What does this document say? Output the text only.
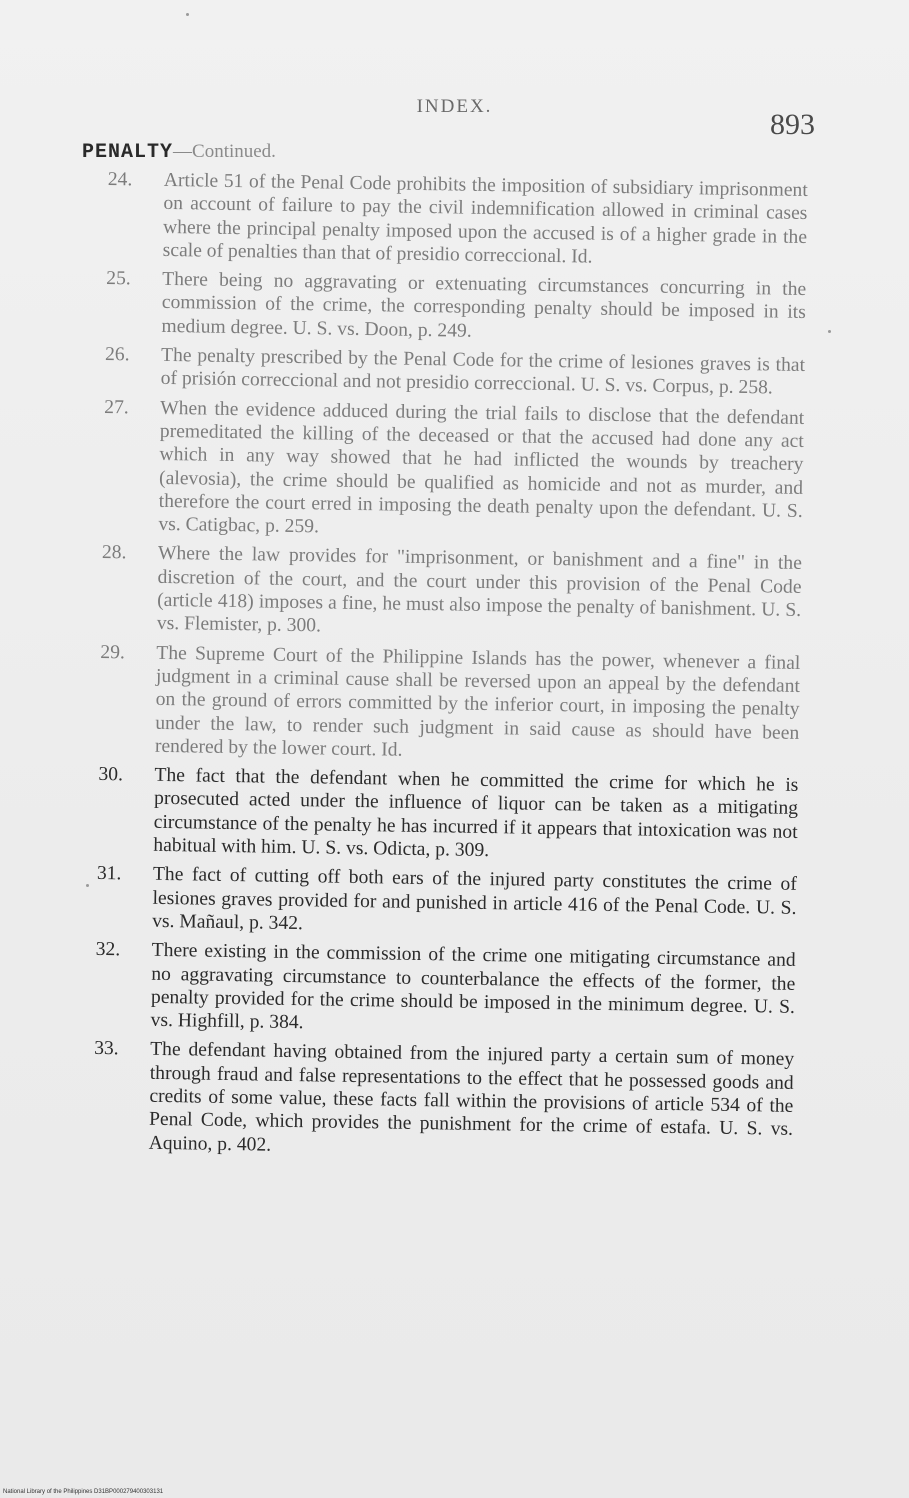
INDEX.
893
PENALTY—Continued.
24. Article 51 of the Penal Code prohibits the imposition of subsidiary imprisonment on account of failure to pay the civil indemnification allowed in criminal cases where the principal penalty imposed upon the accused is of a higher grade in the scale of penalties than that of presidio correccional. Id.
25. There being no aggravating or extenuating circumstances concurring in the commission of the crime, the corresponding penalty should be imposed in its medium degree. U. S. vs. Doon, p. 249.
26. The penalty prescribed by the Penal Code for the crime of lesiones graves is that of prisión correccional and not presidio correccional. U. S. vs. Corpus, p. 258.
27. When the evidence adduced during the trial fails to disclose that the defendant premeditated the killing of the deceased or that the accused had done any act which in any way showed that he had inflicted the wounds by treachery (alevosia), the crime should be qualified as homicide and not as murder, and therefore the court erred in imposing the death penalty upon the defendant. U. S. vs. Catigbac, p. 259.
28. Where the law provides for "imprisonment, or banishment and a fine" in the discretion of the court, and the court under this provision of the Penal Code (article 418) imposes a fine, he must also impose the penalty of banishment. U. S. vs. Flemister, p. 300.
29. The Supreme Court of the Philippine Islands has the power, whenever a final judgment in a criminal cause shall be reversed upon an appeal by the defendant on the ground of errors committed by the inferior court, in imposing the penalty under the law, to render such judgment in said cause as should have been rendered by the lower court. Id.
30. The fact that the defendant when he committed the crime for which he is prosecuted acted under the influence of liquor can be taken as a mitigating circumstance of the penalty he has incurred if it appears that intoxication was not habitual with him. U. S. vs. Odicta, p. 309.
31. The fact of cutting off both ears of the injured party constitutes the crime of lesiones graves provided for and punished in article 416 of the Penal Code. U. S. vs. Mañaul, p. 342.
32. There existing in the commission of the crime one mitigating circumstance and no aggravating circumstance to counterbalance the effects of the former, the penalty provided for the crime should be imposed in the minimum degree. U. S. vs. Highfill, p. 384.
33. The defendant having obtained from the injured party a certain sum of money through fraud and false representations to the effect that he possessed goods and credits of some value, these facts fall within the provisions of article 534 of the Penal Code, which provides the punishment for the crime of estafa. U. S. vs. Aquino, p. 402.
National Library of the Philippines D31BP000279400303131
